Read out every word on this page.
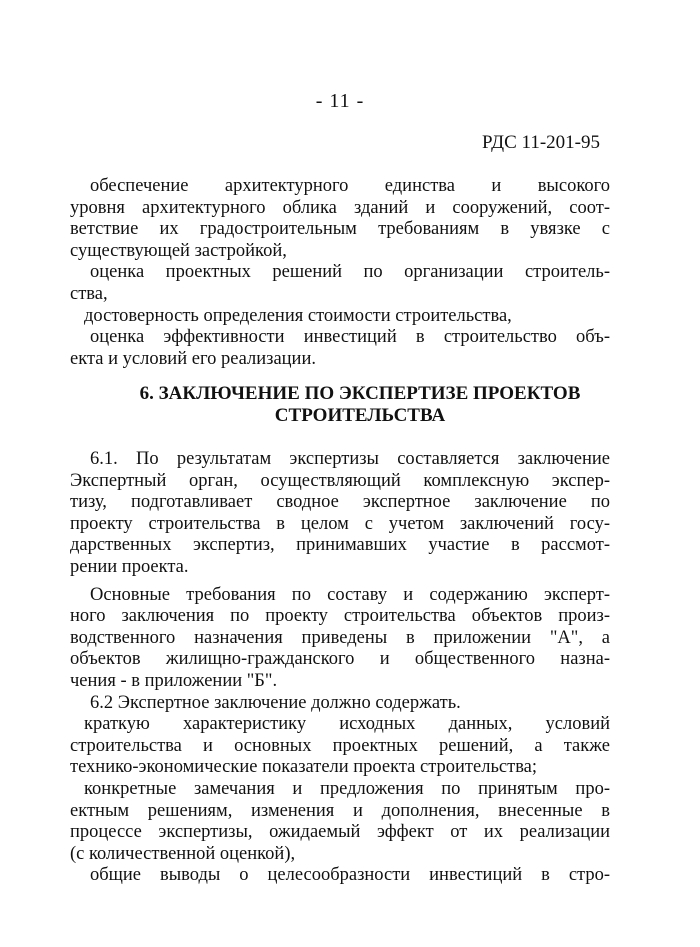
- 11 -
РДС 11-201-95
обеспечение архитектурного единства и высокого
уровня архитектурного облика зданий и сооружений, соот-
ветствие их градостроительным требованиям в увязке с
существующей застройкой,
оценка проектных решений по организации строитель-
ства,
достоверность определения стоимости строительства,
оценка эффективности инвестиций в строительство объ-
екта и условий его реализации.
6. ЗАКЛЮЧЕНИЕ ПО ЭКСПЕРТИЗЕ ПРОЕКТОВ
СТРОИТЕЛЬСТВА
6.1. По результатам экспертизы составляется заключение
Экспертный орган, осуществляющий комплексную экспер-
тизу, подготавливает сводное экспертное заключение по
проекту строительства в целом с учетом заключений госу-
дарственных экспертиз, принимавших участие в рассмот-
рении проекта.
Основные требования по составу и содержанию эксперт-
ного заключения по проекту строительства объектов произ-
водственного назначения приведены в приложении "А", а
объектов жилищно-гражданского и общественного назна-
чения - в приложении "Б".
6.2 Экспертное заключение должно содержать.
краткую характеристику исходных данных, условий
строительства и основных проектных решений, а также
технико-экономические показатели проекта строительства;
конкретные замечания и предложения по принятым про-
ектным решениям, изменения и дополнения, внесенные в
процессе экспертизы, ожидаемый эффект от их реализации
(с количественной оценкой),
общие выводы о целесообразности инвестиций в стро-
